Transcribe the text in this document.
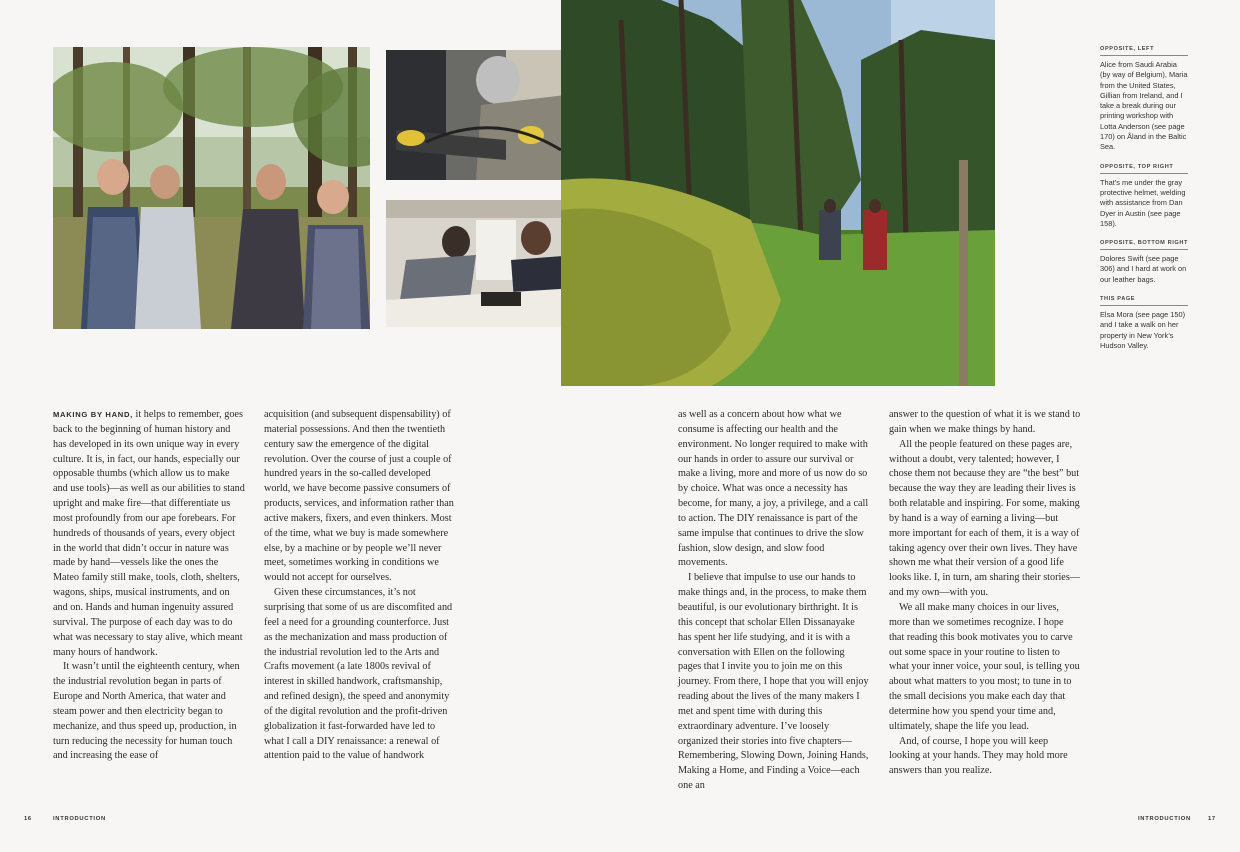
OPPOSITE, LEFT
Alice from Saudi Arabia (by way of Belgium), Maria from the United States, Gillian from Ireland, and I take a break during our printing workshop with Lotta Anderson (see page 170) on Åland in the Baltic Sea.
OPPOSITE, TOP RIGHT
That’s me under the gray protective helmet, welding with assistance from Dan Dyer in Austin (see page 158).
OPPOSITE, BOTTOM RIGHT
Dolores Swift (see page 306) and I hard at work on our leather bags.
THIS PAGE
Elsa Mora (see page 150) and I take a walk on her property in New York’s Hudson Valley.

MAKING BY HAND, it helps to remember, goes back to the beginning of human history and has developed in its own unique way in every culture. It is, in fact, our hands, especially our opposable thumbs (which allow us to make and use tools)—as well as our abilities to stand upright and make fire—that differentiate us most profoundly from our ape forebears. For hundreds of thousands of years, every object in the world that didn’t occur in nature was made by hand—vessels like the ones the Mateo family still make, tools, cloth, shelters, wagons, ships, musical instruments, and on and on. Hands and human ingenuity assured survival. The purpose of each day was to do what was necessary to stay alive, which meant many hours of handwork.

It wasn’t until the eighteenth century, when the industrial revolution began in parts of Europe and North America, that water and steam power and then electricity began to mechanize, and thus speed up, production, in turn reducing the necessity for human touch and increasing the ease of

acquisition (and subsequent dispensability) of material possessions. And then the twentieth century saw the emergence of the digital revolution. Over the course of just a couple of hundred years in the so-called developed world, we have become passive consumers of products, services, and information rather than active makers, fixers, and even thinkers. Most of the time, what we buy is made somewhere else, by a machine or by people we’ll never meet, sometimes working in conditions we would not accept for ourselves.

Given these circumstances, it’s not surprising that some of us are discomfited and feel a need for a grounding counterforce. Just as the mechanization and mass production of the industrial revolution led to the Arts and Crafts movement (a late 1800s revival of interest in skilled handwork, craftsmanship, and refined design), the speed and anonymity of the digital revolution and the profit-driven globalization it fast-forwarded have led to what I call a DIY renaissance: a renewal of attention paid to the value of handwork

as well as a concern about how what we consume is affecting our health and the environment. No longer required to make with our hands in order to assure our survival or make a living, more and more of us now do so by choice. What was once a necessity has become, for many, a joy, a privilege, and a call to action. The DIY renaissance is part of the same impulse that continues to drive the slow fashion, slow design, and slow food movements.

I believe that impulse to use our hands to make things and, in the process, to make them beautiful, is our evolutionary birthright. It is this concept that scholar Ellen Dissanayake has spent her life studying, and it is with a conversation with Ellen on the following pages that I invite you to join me on this journey. From there, I hope that you will enjoy reading about the lives of the many makers I met and spent time with during this extraordinary adventure. I’ve loosely organized their stories into five chapters—Remembering, Slowing Down, Joining Hands, Making a Home, and Finding a Voice—each one an

answer to the question of what it is we stand to gain when we make things by hand.

All the people featured on these pages are, without a doubt, very talented; however, I chose them not because they are “the best” but because the way they are leading their lives is both relatable and inspiring. For some, making by hand is a way of earning a living—but more important for each of them, it is a way of taking agency over their own lives. They have shown me what their version of a good life looks like. I, in turn, am sharing their stories—and my own—with you.

We all make many choices in our lives, more than we sometimes recognize. I hope that reading this book motivates you to carve out some space in your routine to listen to what your inner voice, your soul, is telling you about what matters to you most; to tune in to the small decisions you make each day that determine how you spend your time and, ultimately, shape the life you lead.

And, of course, I hope you will keep looking at your hands. They may hold more answers than you realize.

16	INTRODUCTION	INTRODUCTION	17
